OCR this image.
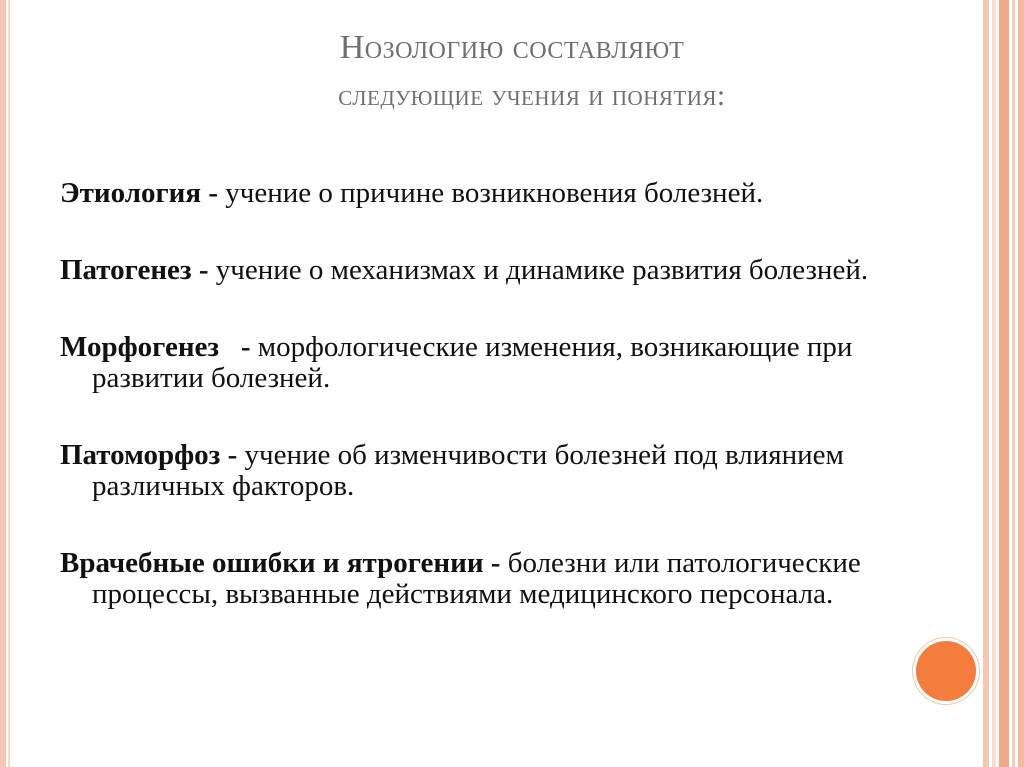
Нозологию составляют
следующие учения и понятия:
Этиология - учение о причине возникновения болезней.
Патогенез - учение о механизмах и динамике развития болезней.
Морфогенез   - морфологические изменения, возникающие при развитии болезней.
Патоморфоз - учение об изменчивости болезней под влиянием различных факторов.
Врачебные ошибки и ятрогении - болезни или патологические процессы, вызванные действиями медицинского персонала.
